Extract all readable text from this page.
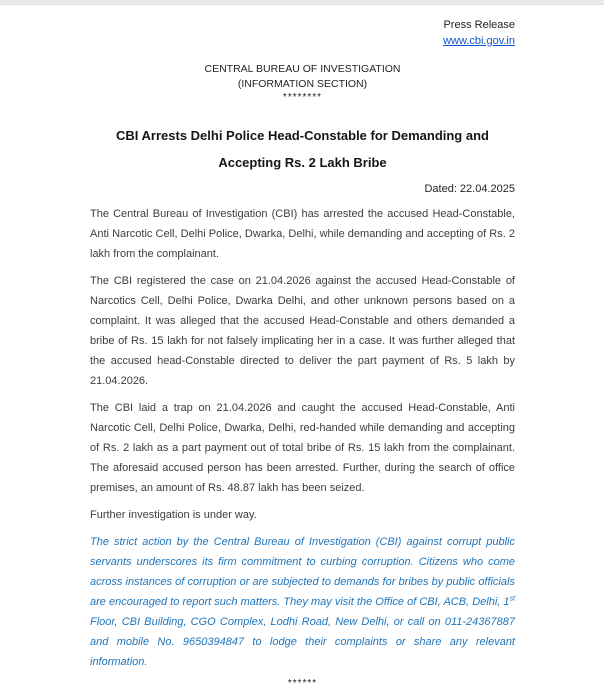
Press Release
www.cbi.gov.in
CENTRAL BUREAU OF INVESTIGATION
(INFORMATION SECTION)
********
CBI Arrests Delhi Police Head-Constable for Demanding and Accepting Rs. 2 Lakh Bribe
Dated: 22.04.2025

The Central Bureau of Investigation (CBI) has arrested the accused Head-Constable, Anti Narcotic Cell, Delhi Police, Dwarka, Delhi, while demanding and accepting of Rs. 2 lakh from the complainant.

The CBI registered the case on 21.04.2026 against the accused Head-Constable of Narcotics Cell, Delhi Police, Dwarka Delhi, and other unknown persons based on a complaint. It was alleged that the accused Head-Constable and others demanded a bribe of Rs. 15 lakh for not falsely implicating her in a case. It was further alleged that the accused head-Constable directed to deliver the part payment of Rs. 5 lakh by 21.04.2026.

The CBI laid a trap on 21.04.2026 and caught the accused Head-Constable, Anti Narcotic Cell, Delhi Police, Dwarka, Delhi, red-handed while demanding and accepting of Rs. 2 lakh as a part payment out of total bribe of Rs. 15 lakh from the complainant. The aforesaid accused person has been arrested. Further, during the search of office premises, an amount of Rs. 48.87 lakh has been seized.

Further investigation is under way.

The strict action by the Central Bureau of Investigation (CBI) against corrupt public servants underscores its firm commitment to curbing corruption. Citizens who come across instances of corruption or are subjected to demands for bribes by public officials are encouraged to report such matters. They may visit the Office of CBI, ACB, Delhi, 1st Floor, CBI Building, CGO Complex, Lodhi Road, New Delhi, or call on 011-24367887 and mobile No. 9650394847 to lodge their complaints or share any relevant information.

******
